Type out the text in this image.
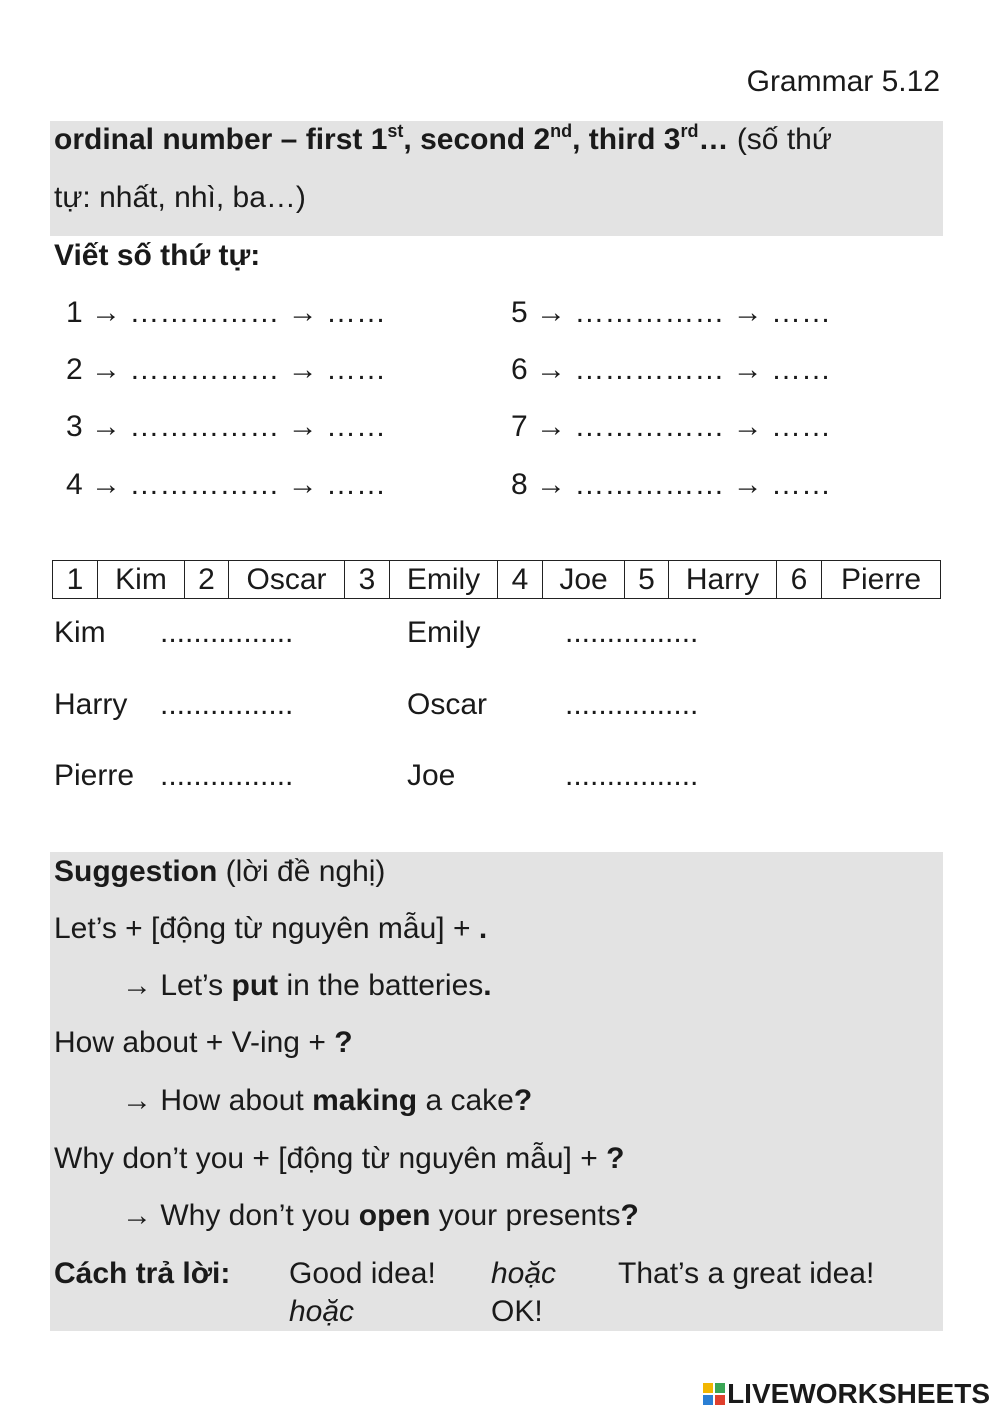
Grammar 5.12
ordinal number – first 1st, second 2nd, third 3rd… (số thứ
tự: nhất, nhì, ba…)
Viết số thứ tự:
1 → …………… → ……
2 → …………… → ……
3 → …………… → ……
4 → …………… → ……
5 → …………… → ……
6 → …………… → ……
7 → …………… → ……
8 → …………… → ……
1	Kim	2	Oscar	3	Emily	4	Joe	5	Harry	6	Pierre
Kim ................	Emily	................
Harry ................	Oscar	................
Pierre ................	Joe	................
Suggestion (lời đề nghị)
Let’s + [động từ nguyên mẫu] + .
→ Let’s put in the batteries.
How about + V-ing + ?
→ How about making a cake?
Why don’t you + [động từ nguyên mẫu] + ?
→ Why don’t you open your presents?
Cách trả lời: Good idea! hoặc That’s a great idea!
hoặc	OK!
LIVEWORKSHEETS
